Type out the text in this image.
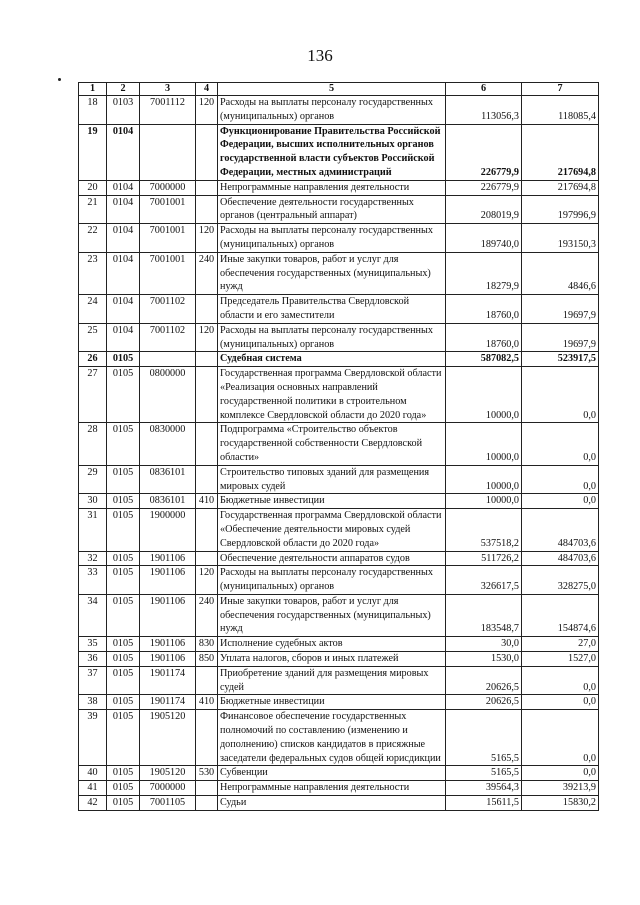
136
1	2	3	4	5	6	7
18	0103	7001112	120	Расходы на выплаты персоналу государственных (муниципальных) органов	113056,3	118085,4
19	0104			Функционирование Правительства Российской Федерации, высших исполнительных органов государственной власти субъектов Российской Федерации, местных администраций	226779,9	217694,8
20	0104	7000000		Непрограммные направления деятельности	226779,9	217694,8
21	0104	7001001		Обеспечение деятельности государственных органов (центральный аппарат)	208019,9	197996,9
22	0104	7001001	120	Расходы на выплаты персоналу государственных (муниципальных) органов	189740,0	193150,3
23	0104	7001001	240	Иные закупки товаров, работ и услуг для обеспечения государственных (муниципальных) нужд	18279,9	4846,6
24	0104	7001102		Председатель Правительства Свердловской области и его заместители	18760,0	19697,9
25	0104	7001102	120	Расходы на выплаты персоналу государственных (муниципальных) органов	18760,0	19697,9
26	0105			Судебная система	587082,5	523917,5
27	0105	0800000		Государственная программа Свердловской области «Реализация основных направлений государственной политики в строительном комплексе Свердловской области до 2020 года»	10000,0	0,0
28	0105	0830000		Подпрограмма «Строительство объектов государственной собственности Свердловской области»	10000,0	0,0
29	0105	0836101		Строительство типовых зданий для размещения мировых судей	10000,0	0,0
30	0105	0836101	410	Бюджетные инвестиции	10000,0	0,0
31	0105	1900000		Государственная программа Свердловской области «Обеспечение деятельности мировых судей Свердловской области до 2020 года»	537518,2	484703,6
32	0105	1901106		Обеспечение деятельности аппаратов судов	511726,2	484703,6
33	0105	1901106	120	Расходы на выплаты персоналу государственных (муниципальных) органов	326617,5	328275,0
34	0105	1901106	240	Иные закупки товаров, работ и услуг для обеспечения государственных (муниципальных) нужд	183548,7	154874,6
35	0105	1901106	830	Исполнение судебных актов	30,0	27,0
36	0105	1901106	850	Уплата налогов, сборов и иных платежей	1530,0	1527,0
37	0105	1901174		Приобретение зданий для размещения мировых судей	20626,5	0,0
38	0105	1901174	410	Бюджетные инвестиции	20626,5	0,0
39	0105	1905120		Финансовое обеспечение государственных полномочий по составлению (изменению и дополнению) списков кандидатов в присяжные заседатели федеральных судов общей юрисдикции	5165,5	0,0
40	0105	1905120	530	Субвенции	5165,5	0,0
41	0105	7000000		Непрограммные направления деятельности	39564,3	39213,9
42	0105	7001105		Судьи	15611,5	15830,2
